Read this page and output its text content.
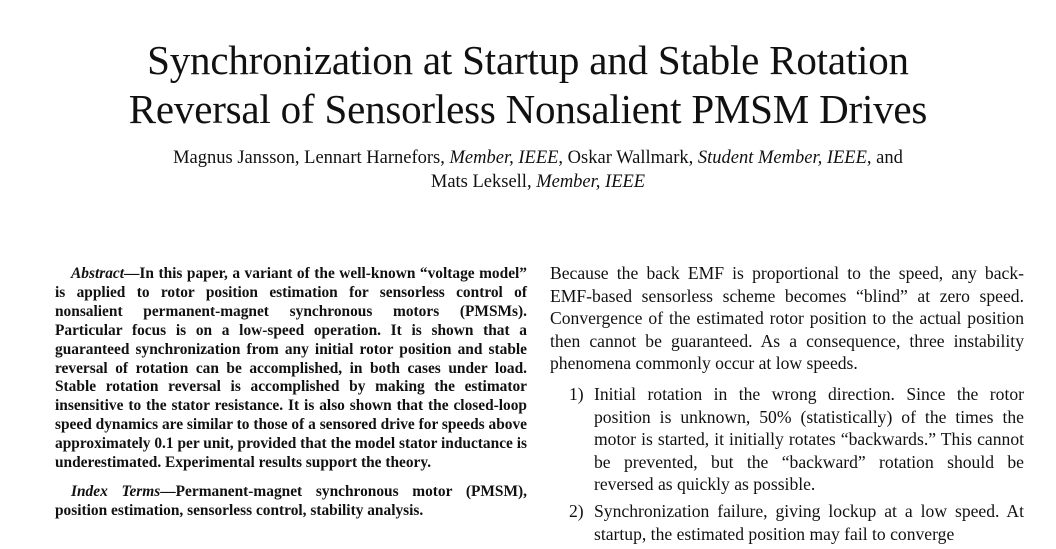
Synchronization at Startup and Stable Rotation
Reversal of Sensorless Nonsalient PMSM Drives
Magnus Jansson, Lennart Harnefors, Member, IEEE, Oskar Wallmark, Student Member, IEEE, and
Mats Leksell, Member, IEEE

Abstract—In this paper, a variant of the well-known “voltage model” is applied to rotor position estimation for sensorless control of nonsalient permanent-magnet synchronous motors (PMSMs). Particular focus is on a low-speed operation. It is shown that a guaranteed synchronization from any initial rotor position and stable reversal of rotation can be accomplished, in both cases under load. Stable rotation reversal is accomplished by making the estimator insensitive to the stator resistance. It is also shown that the closed-loop speed dynamics are similar to those of a sensored drive for speeds above approximately 0.1 per unit, provided that the model stator inductance is underestimated. Experimental results support the theory.

Index Terms—Permanent-magnet synchronous motor (PMSM), position estimation, sensorless control, stability analysis.

Because the back EMF is proportional to the speed, any back-EMF-based sensorless scheme becomes “blind” at zero speed. Convergence of the estimated rotor position to the actual position then cannot be guaranteed. As a consequence, three instability phenomena commonly occur at low speeds.

1) Initial rotation in the wrong direction. Since the rotor position is unknown, 50% (statistically) of the times the motor is started, it initially rotates “backwards.” This cannot be prevented, but the “backward” rotation should be reversed as quickly as possible.
2) Synchronization failure, giving lockup at a low speed. At startup, the estimated position may fail to converge
